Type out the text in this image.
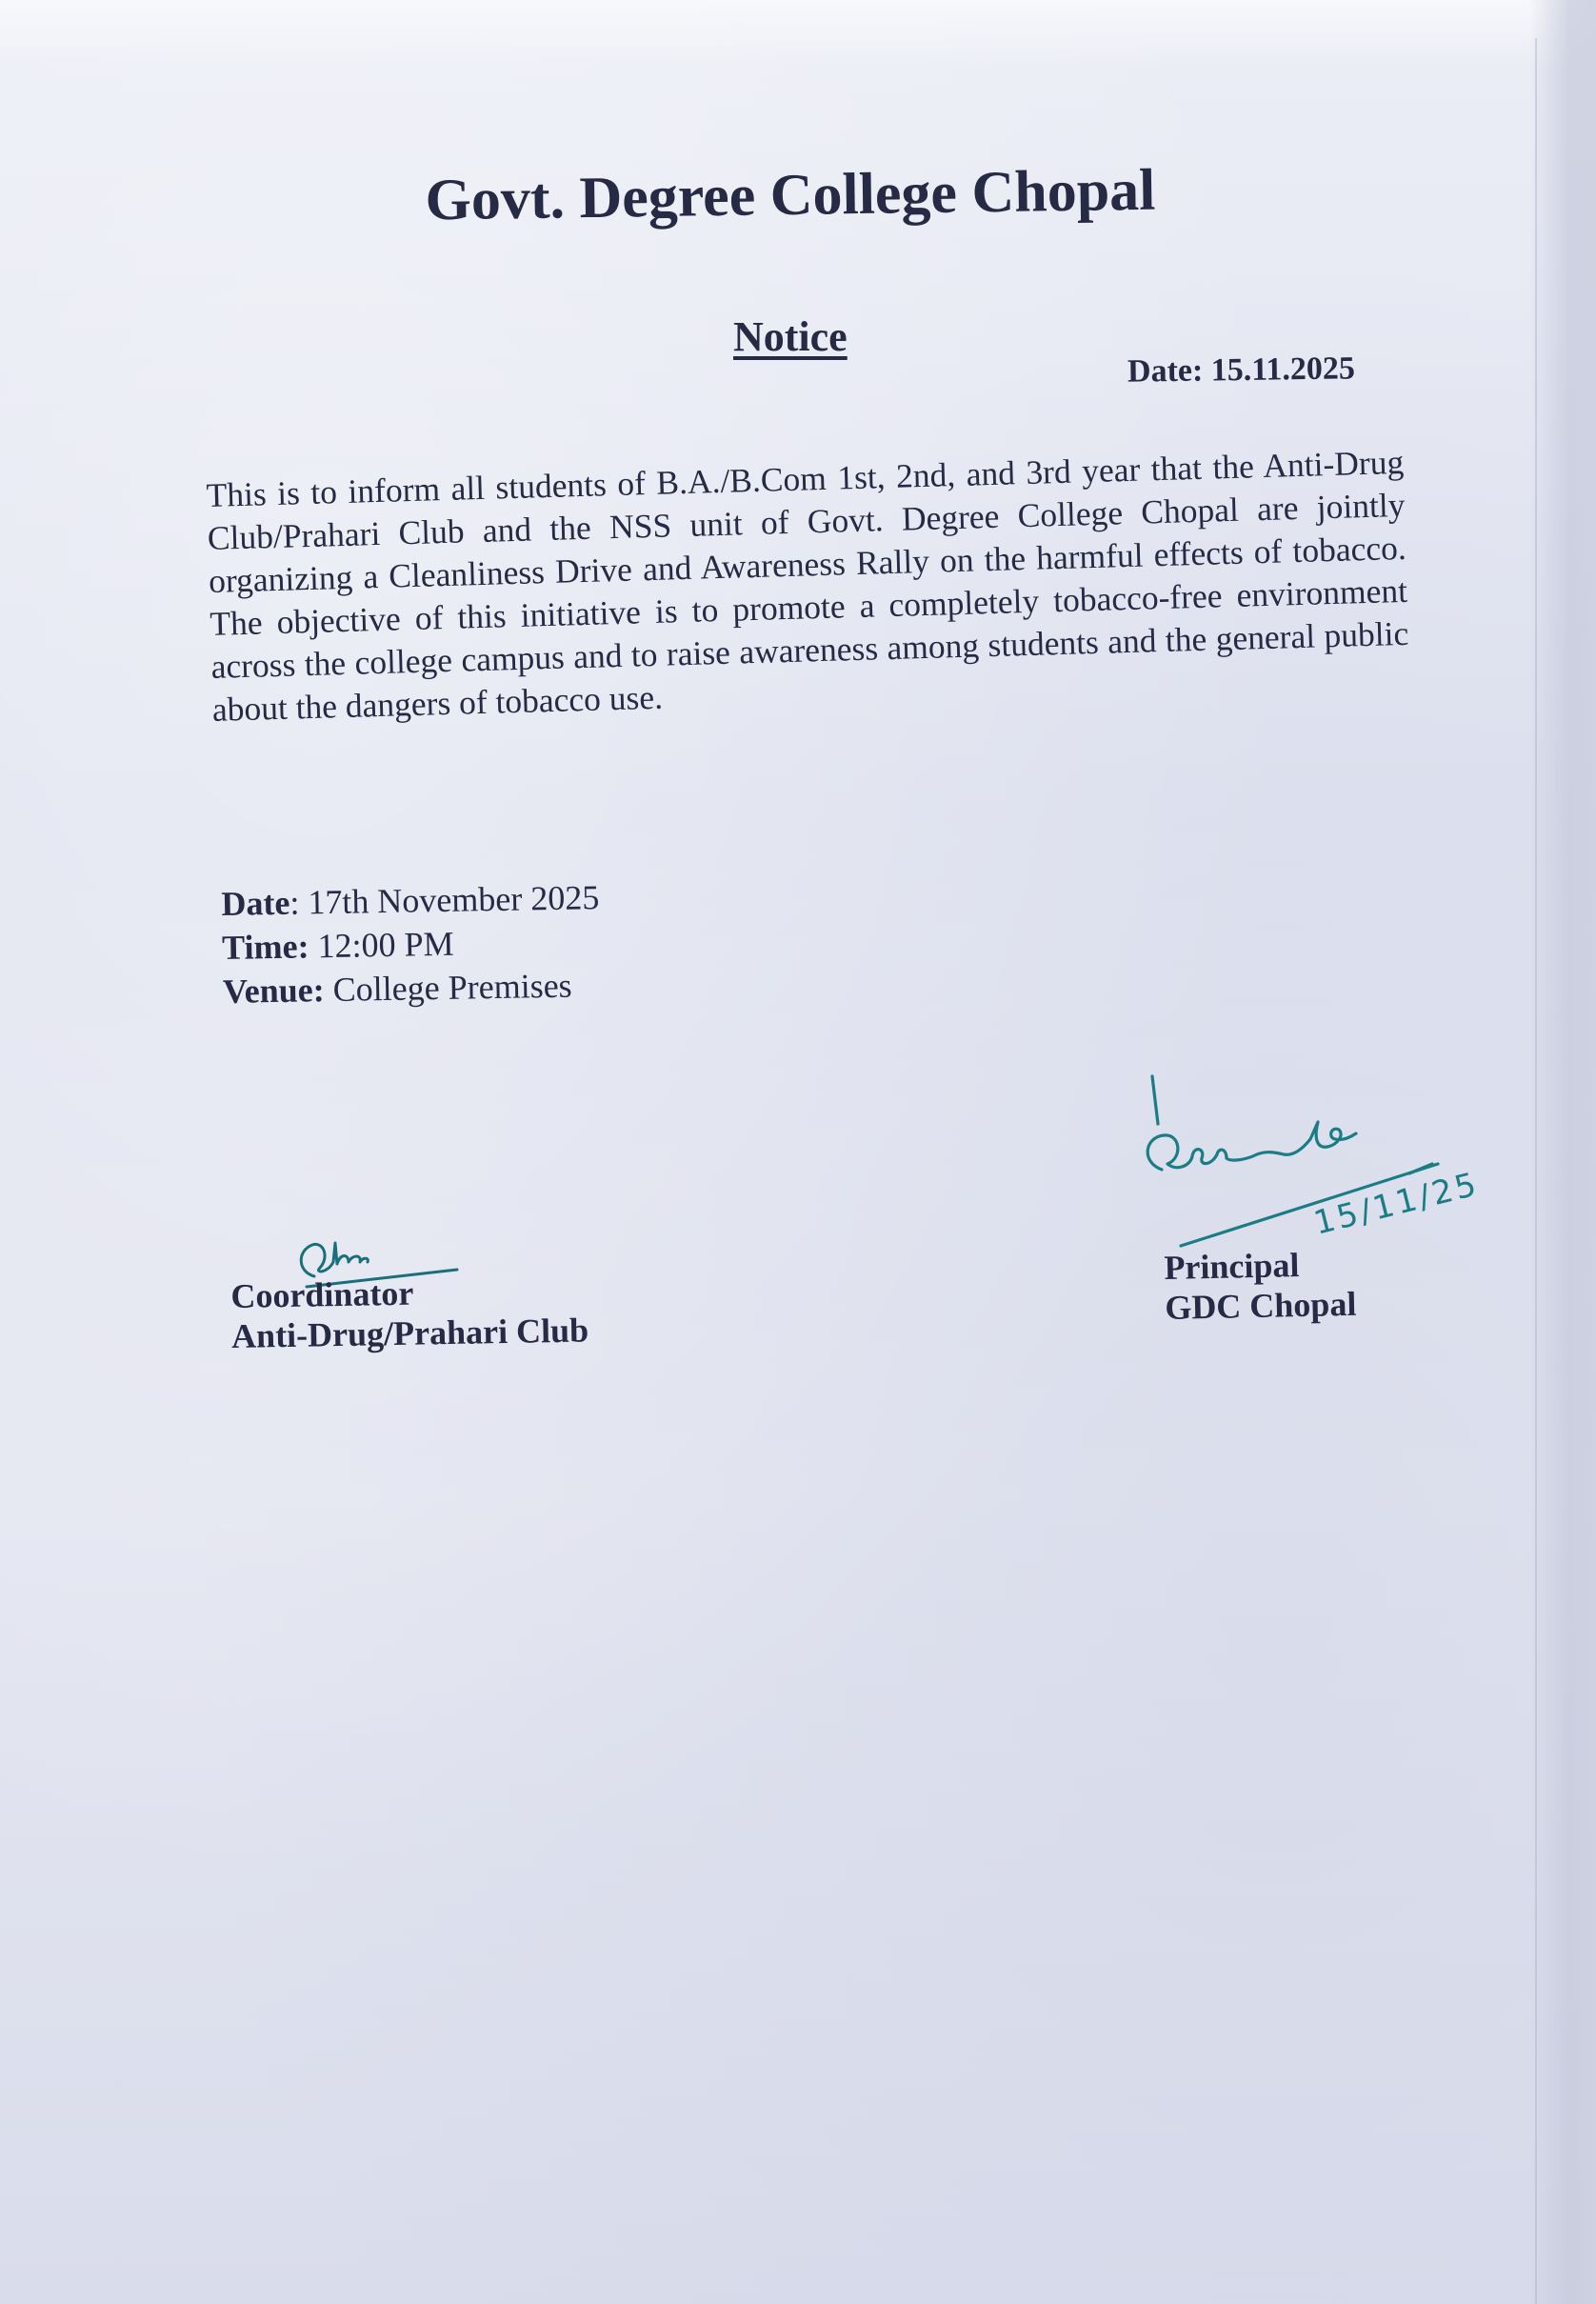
Govt. Degree College Chopal
Notice
Date: 15.11.2025
This is to inform all students of B.A./B.Com 1st, 2nd, and 3rd year that the Anti-Drug Club/Prahari Club and the NSS unit of Govt. Degree College Chopal are jointly organizing a Cleanliness Drive and Awareness Rally on the harmful effects of tobacco. The objective of this initiative is to promote a completely tobacco-free environment across the college campus and to raise awareness among students and the general public about the dangers of tobacco use.
Date: 17th November 2025
Time: 12:00 PM
Venue: College Premises
Coordinator
Anti-Drug/Prahari Club
Principal
GDC Chopal
15/11/25
